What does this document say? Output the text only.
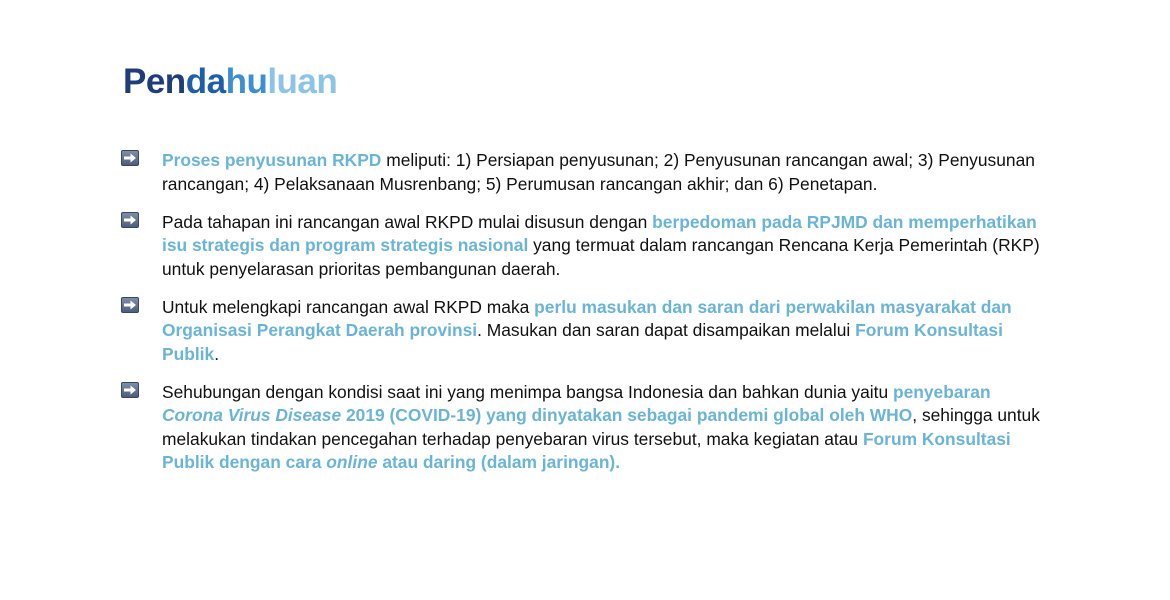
Pendahuluan
Proses penyusunan RKPD meliputi: 1) Persiapan penyusunan; 2) Penyusunan rancangan awal; 3) Penyusunan rancangan; 4) Pelaksanaan Musrenbang; 5) Perumusan rancangan akhir; dan 6) Penetapan.
Pada tahapan ini rancangan awal RKPD mulai disusun dengan berpedoman pada RPJMD dan memperhatikan isu strategis dan program strategis nasional yang termuat dalam rancangan Rencana Kerja Pemerintah (RKP) untuk penyelarasan prioritas pembangunan daerah.
Untuk melengkapi rancangan awal RKPD maka perlu masukan dan saran dari perwakilan masyarakat dan Organisasi Perangkat Daerah provinsi. Masukan dan saran dapat disampaikan melalui Forum Konsultasi Publik.
Sehubungan dengan kondisi saat ini yang menimpa bangsa Indonesia dan bahkan dunia yaitu penyebaran Corona Virus Disease 2019 (COVID-19) yang dinyatakan sebagai pandemi global oleh WHO, sehingga untuk melakukan tindakan pencegahan terhadap penyebaran virus tersebut, maka kegiatan atau Forum Konsultasi Publik dengan cara online atau daring (dalam jaringan).
